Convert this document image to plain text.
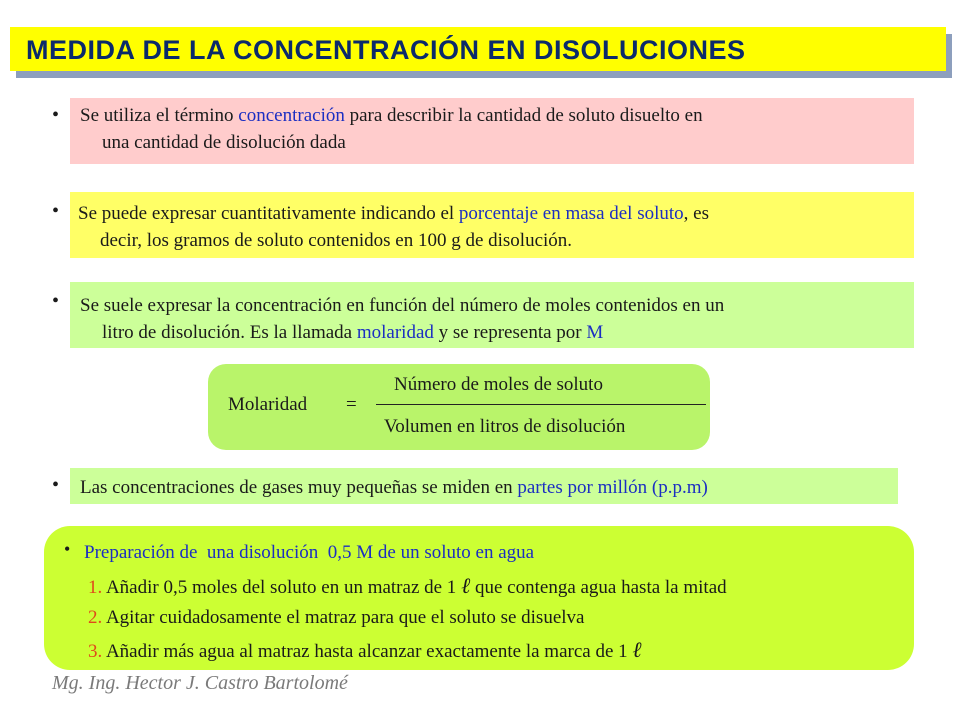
MEDIDA DE LA CONCENTRACIÓN EN DISOLUCIONES
• Se utiliza el término concentración para describir la cantidad de soluto disuelto en
una cantidad de disolución dada
• Se puede expresar cuantitativamente indicando el porcentaje en masa del soluto, es
decir, los gramos de soluto contenidos en 100 g de disolución.
• Se suele expresar la concentración en función del número de moles contenidos en un
litro de disolución. Es la llamada molaridad y se representa por M
Molaridad =
Número de moles de soluto
Volumen en litros de disolución
• Las concentraciones de gases muy pequeñas se miden en partes por millón (p.p.m)
• Preparación de  una disolución  0,5 M de un soluto en agua
1. Añadir 0,5 moles del soluto en un matraz de 1 ℓ que contenga agua hasta la mitad
2. Agitar cuidadosamente el matraz para que el soluto se disuelva
3. Añadir más agua al matraz hasta alcanzar exactamente la marca de 1 ℓ
Mg. Ing. Hector J. Castro Bartolomé
